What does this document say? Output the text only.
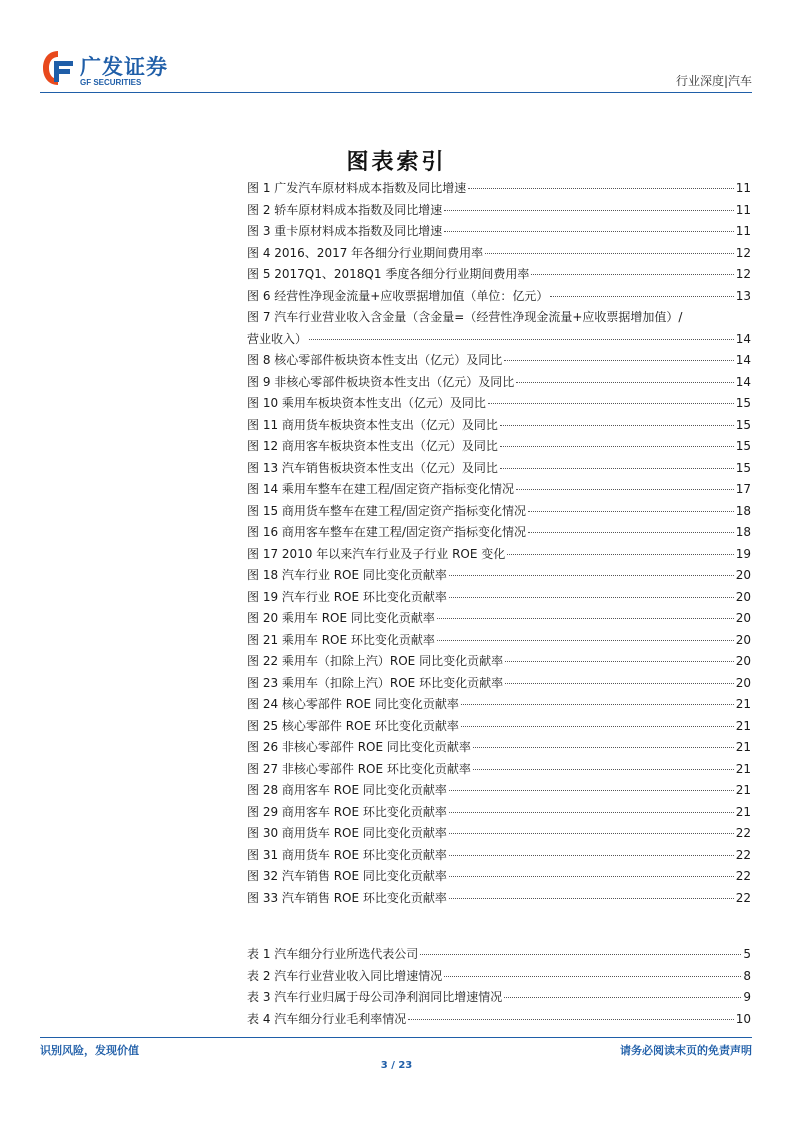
广发证券
GF SECURITIES	行业深度|汽车
图表索引
图 1 广发汽车原材料成本指数及同比增速	11
图 2 轿车原材料成本指数及同比增速	11
图 3 重卡原材料成本指数及同比增速	11
图 4 2016、2017 年各细分行业期间费用率	12
图 5 2017Q1、2018Q1 季度各细分行业期间费用率	12
图 6 经营性净现金流量+应收票据增加值（单位：亿元）	13
图 7 汽车行业营业收入含金量（含金量=（经营性净现金流量+应收票据增加值）/
营业收入）	14
图 8 核心零部件板块资本性支出（亿元）及同比	14
图 9 非核心零部件板块资本性支出（亿元）及同比	14
图 10 乘用车板块资本性支出（亿元）及同比	15
图 11 商用货车板块资本性支出（亿元）及同比	15
图 12 商用客车板块资本性支出（亿元）及同比	15
图 13 汽车销售板块资本性支出（亿元）及同比	15
图 14 乘用车整车在建工程/固定资产指标变化情况	17
图 15 商用货车整车在建工程/固定资产指标变化情况	18
图 16 商用客车整车在建工程/固定资产指标变化情况	18
图 17 2010 年以来汽车行业及子行业 ROE 变化	19
图 18 汽车行业 ROE 同比变化贡献率	20
图 19 汽车行业 ROE 环比变化贡献率	20
图 20 乘用车 ROE 同比变化贡献率	20
图 21 乘用车 ROE 环比变化贡献率	20
图 22 乘用车（扣除上汽）ROE 同比变化贡献率	20
图 23 乘用车（扣除上汽）ROE 环比变化贡献率	20
图 24 核心零部件 ROE 同比变化贡献率	21
图 25 核心零部件 ROE 环比变化贡献率	21
图 26 非核心零部件 ROE 同比变化贡献率	21
图 27 非核心零部件 ROE 环比变化贡献率	21
图 28 商用客车 ROE 同比变化贡献率	21
图 29 商用客车 ROE 环比变化贡献率	21
图 30 商用货车 ROE 同比变化贡献率	22
图 31 商用货车 ROE 环比变化贡献率	22
图 32 汽车销售 ROE 同比变化贡献率	22
图 33 汽车销售 ROE 环比变化贡献率	22
表 1 汽车细分行业所选代表公司	5
表 2 汽车行业营业收入同比增速情况	8
表 3 汽车行业归属于母公司净利润同比增速情况	9
表 4 汽车细分行业毛利率情况	10
识别风险，发现价值	请务必阅读末页的免责声明
3 / 23
